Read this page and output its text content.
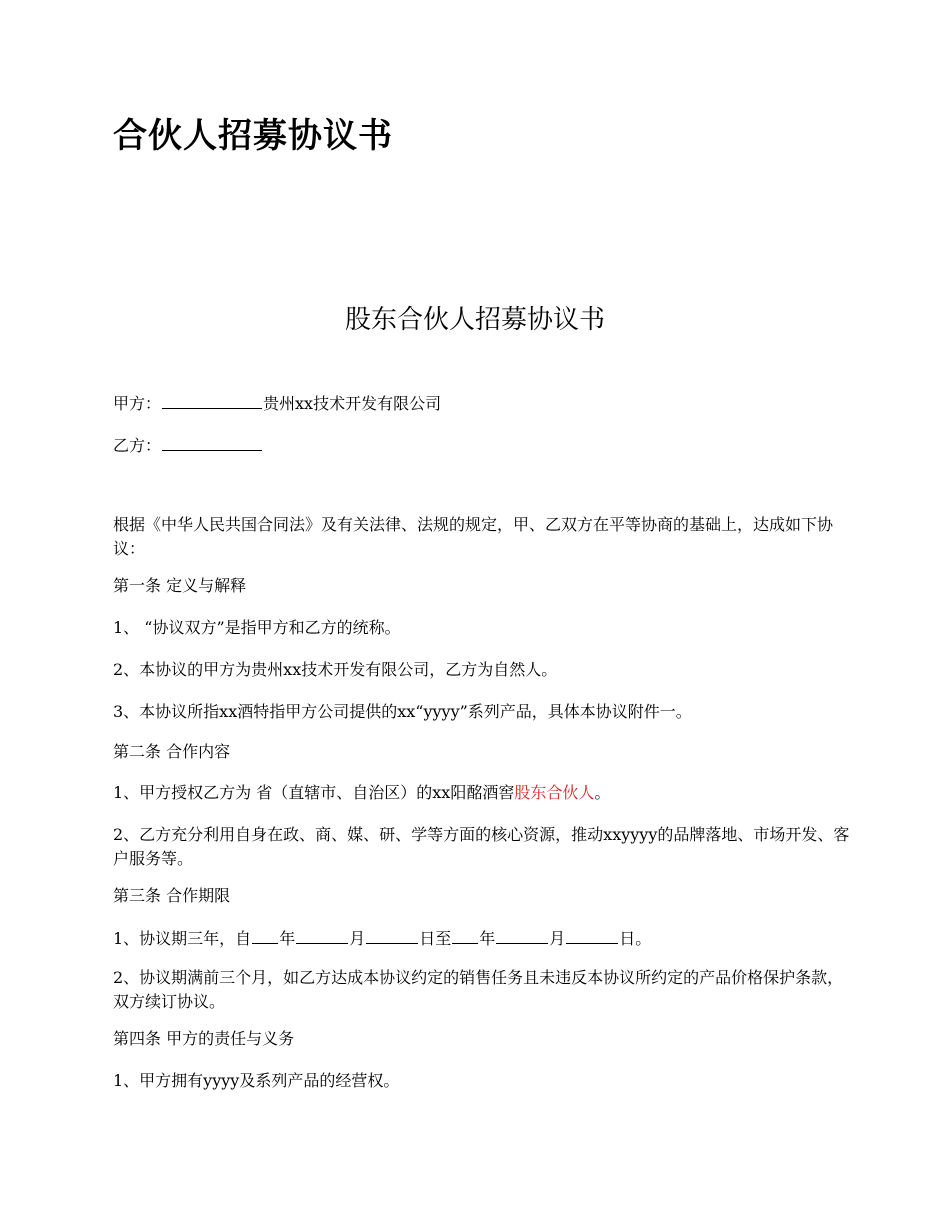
合伙人招募协议书
股东合伙人招募协议书
甲方：	贵州xx技术开发有限公司
乙方：
根据《中华人民共国合同法》及有关法律、法规的规定，甲、乙双方在平等协商的基础上，达成如下协议：
第一条 定义与解释
1、 “协议双方”是指甲方和乙方的统称。
2、本协议的甲方为贵州xx技术开发有限公司，乙方为自然人。
3、本协议所指xx酒特指甲方公司提供的xx“yyyy”系列产品，具体本协议附件一。
第二条 合作内容
1、甲方授权乙方为 省（直辖市、自治区）的xx阳酩酒窖股东合伙人。
2、乙方充分利用自身在政、商、媒、研、学等方面的核心资源，推动xxyyyy的品牌落地、市场开发、客户服务等。
第三条 合作期限
1、协议期三年，自 年	月	日至 年	月	日。
2、协议期满前三个月，如乙方达成本协议约定的销售任务且未违反本协议所约定的产品价格保护条款，双方续订协议。
第四条 甲方的责任与义务
1、甲方拥有yyyy及系列产品的经营权。
